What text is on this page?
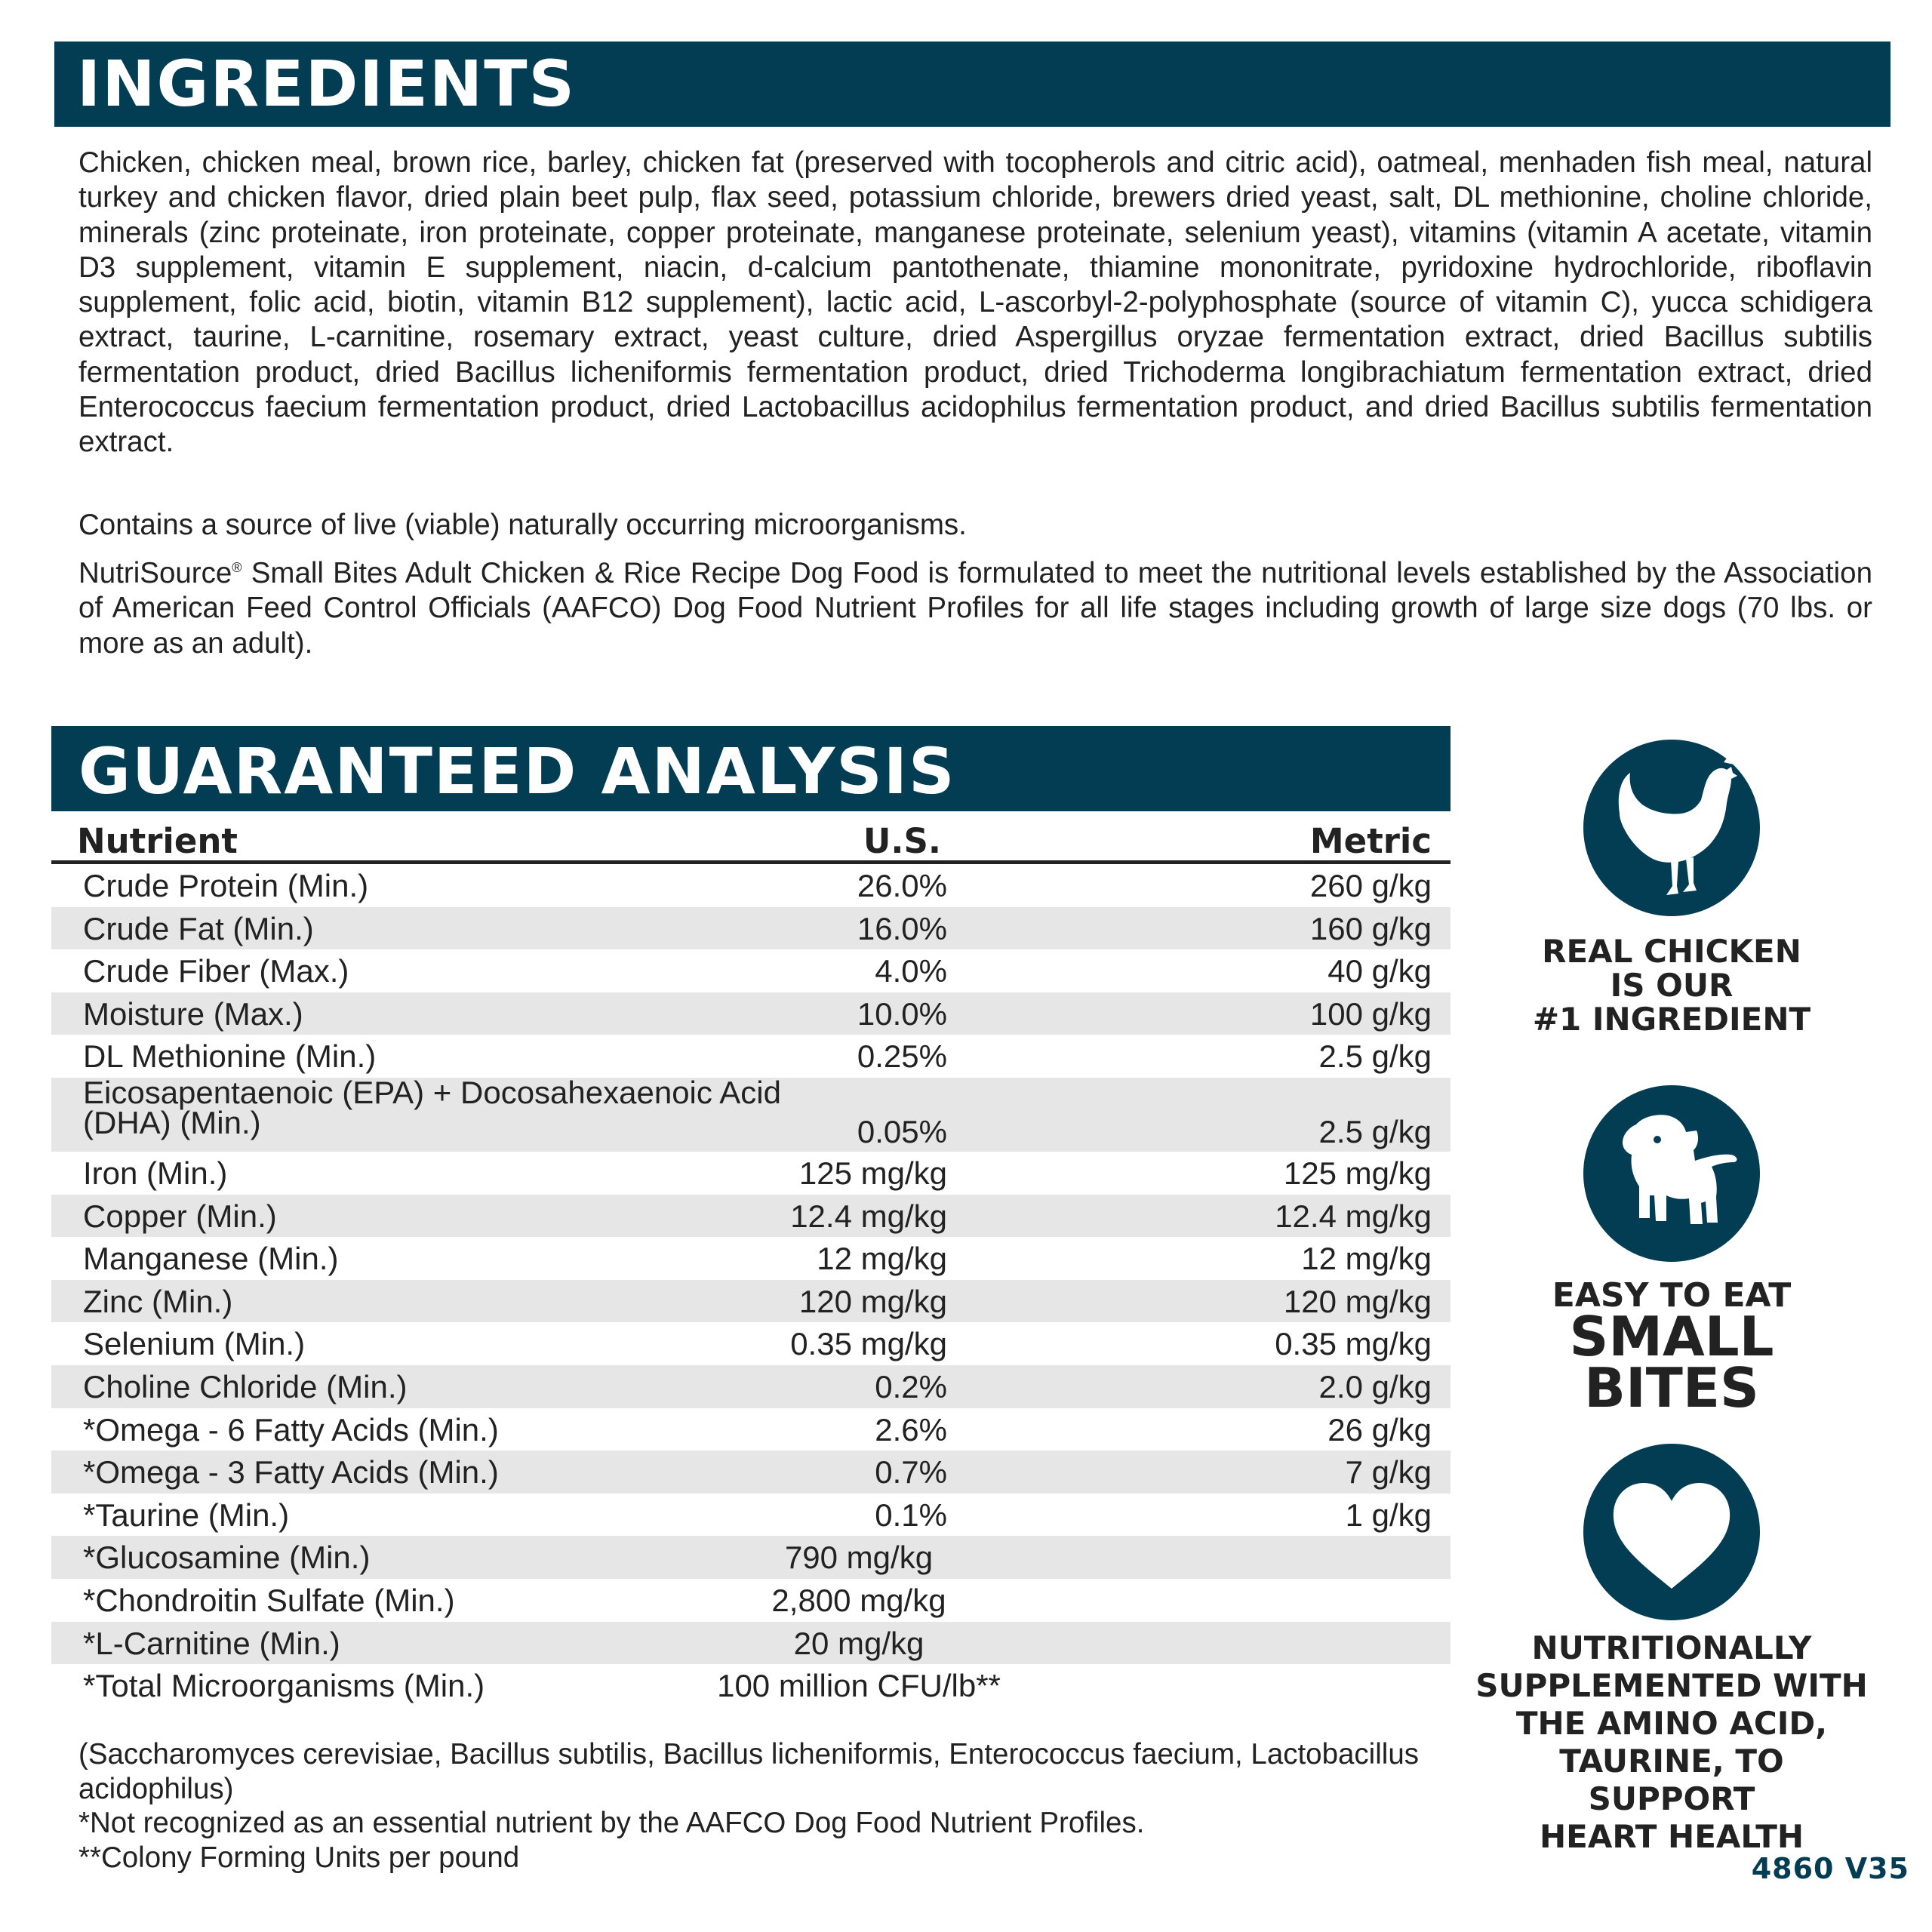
INGREDIENTS
Chicken, chicken meal, brown rice, barley, chicken fat (preserved with tocopherols and citric acid), oatmeal, menhaden fish meal, natural turkey and chicken flavor, dried plain beet pulp, flax seed, potassium chloride, brewers dried yeast, salt, DL methionine, choline chloride, minerals (zinc proteinate, iron proteinate, copper proteinate, manganese proteinate, selenium yeast), vitamins (vitamin A acetate, vitamin D3 supplement, vitamin E supplement, niacin, d-calcium pantothenate, thiamine mononitrate, pyridoxine hydrochloride, riboflavin supplement, folic acid, biotin, vitamin B12 supplement), lactic acid, L-ascorbyl-2-polyphosphate (source of vitamin C), yucca schidigera extract, taurine, L-carnitine, rosemary extract, yeast culture, dried Aspergillus oryzae fermentation extract, dried Bacillus subtilis fermentation product, dried Bacillus licheniformis fermentation product, dried Trichoderma longibrachiatum fermentation extract, dried Enterococcus faecium fermentation product, dried Lactobacillus acidophilus fermentation product, and dried Bacillus subtilis fermentation extract.
Contains a source of live (viable) naturally occurring microorganisms.
NutriSource® Small Bites Adult Chicken & Rice Recipe Dog Food is formulated to meet the nutritional levels established by the Association of American Feed Control Officials (AAFCO) Dog Food Nutrient Profiles for all life stages including growth of large size dogs (70 lbs. or more as an adult).
GUARANTEED ANALYSIS
Nutrient	U.S.	Metric
Crude Protein (Min.)	26.0%	260 g/kg
Crude Fat (Min.)	16.0%	160 g/kg
Crude Fiber (Max.)	4.0%	40 g/kg
Moisture (Max.)	10.0%	100 g/kg
DL Methionine (Min.)	0.25%	2.5 g/kg
Eicosapentaenoic (EPA) + Docosahexaenoic Acid (DHA) (Min.)	0.05%	2.5 g/kg
Iron (Min.)	125 mg/kg	125 mg/kg
Copper (Min.)	12.4 mg/kg	12.4 mg/kg
Manganese (Min.)	12 mg/kg	12 mg/kg
Zinc (Min.)	120 mg/kg	120 mg/kg
Selenium (Min.)	0.35 mg/kg	0.35 mg/kg
Choline Chloride (Min.)	0.2%	2.0 g/kg
*Omega - 6 Fatty Acids (Min.)	2.6%	26 g/kg
*Omega - 3 Fatty Acids (Min.)	0.7%	7 g/kg
*Taurine (Min.)	0.1%	1 g/kg
*Glucosamine (Min.)	790 mg/kg
*Chondroitin Sulfate (Min.)	2,800 mg/kg
*L-Carnitine (Min.)	20 mg/kg
*Total Microorganisms (Min.)	100 million CFU/lb**
(Saccharomyces cerevisiae, Bacillus subtilis, Bacillus licheniformis, Enterococcus faecium, Lactobacillus acidophilus)
*Not recognized as an essential nutrient by the AAFCO Dog Food Nutrient Profiles.
**Colony Forming Units per pound
REAL CHICKEN
IS OUR
#1 INGREDIENT
EASY TO EAT
SMALL
BITES
NUTRITIONALLY
SUPPLEMENTED WITH
THE AMINO ACID,
TAURINE, TO SUPPORT
HEART HEALTH
4860 V35
